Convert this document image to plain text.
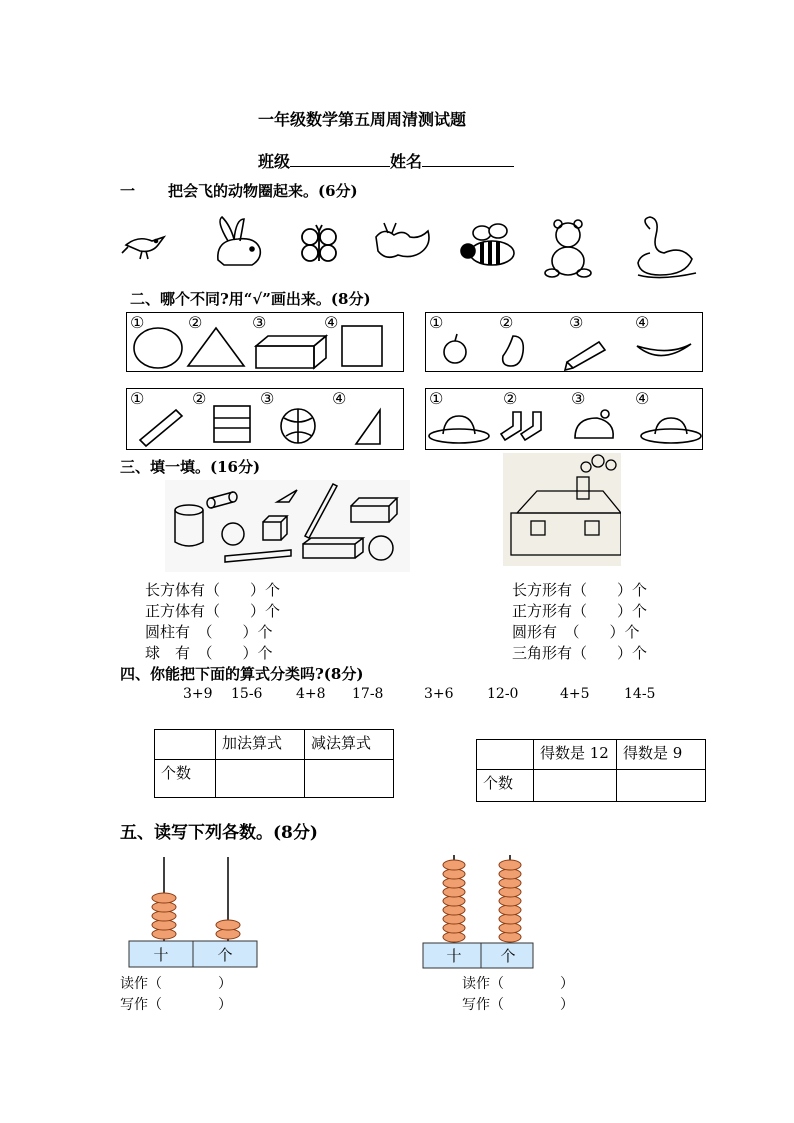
一年级数学第五周周清测试题
班级	姓名
一 把会飞的动物圈起来。(6分)
二、哪个不同?用“√”画出来。(8分)
①	②	③	④	①	②	③	④
①	②	③	④	①	②	③	④
三、填一填。(16分)
长方体有（　　）个
正方体有（　　）个
圆柱有　（　　）个
球　有　（　　）个
长方形有（　　）个
正方形有（　　）个
圆形有　（　　）个
三角形有（　　）个
四、你能把下面的算式分类吗?(8分)
3+9 15-6 4+8 17-8	3+6 12-0	4+5 14-5
	加法算式	减法算式
个数		
	得数是 12	得数是 9
个数		
五、读写下列各数。(8分)
十	个	十	个
读作（　　　　）
写作（　　　　）
读作（　　　　）
写作（　　　　）
